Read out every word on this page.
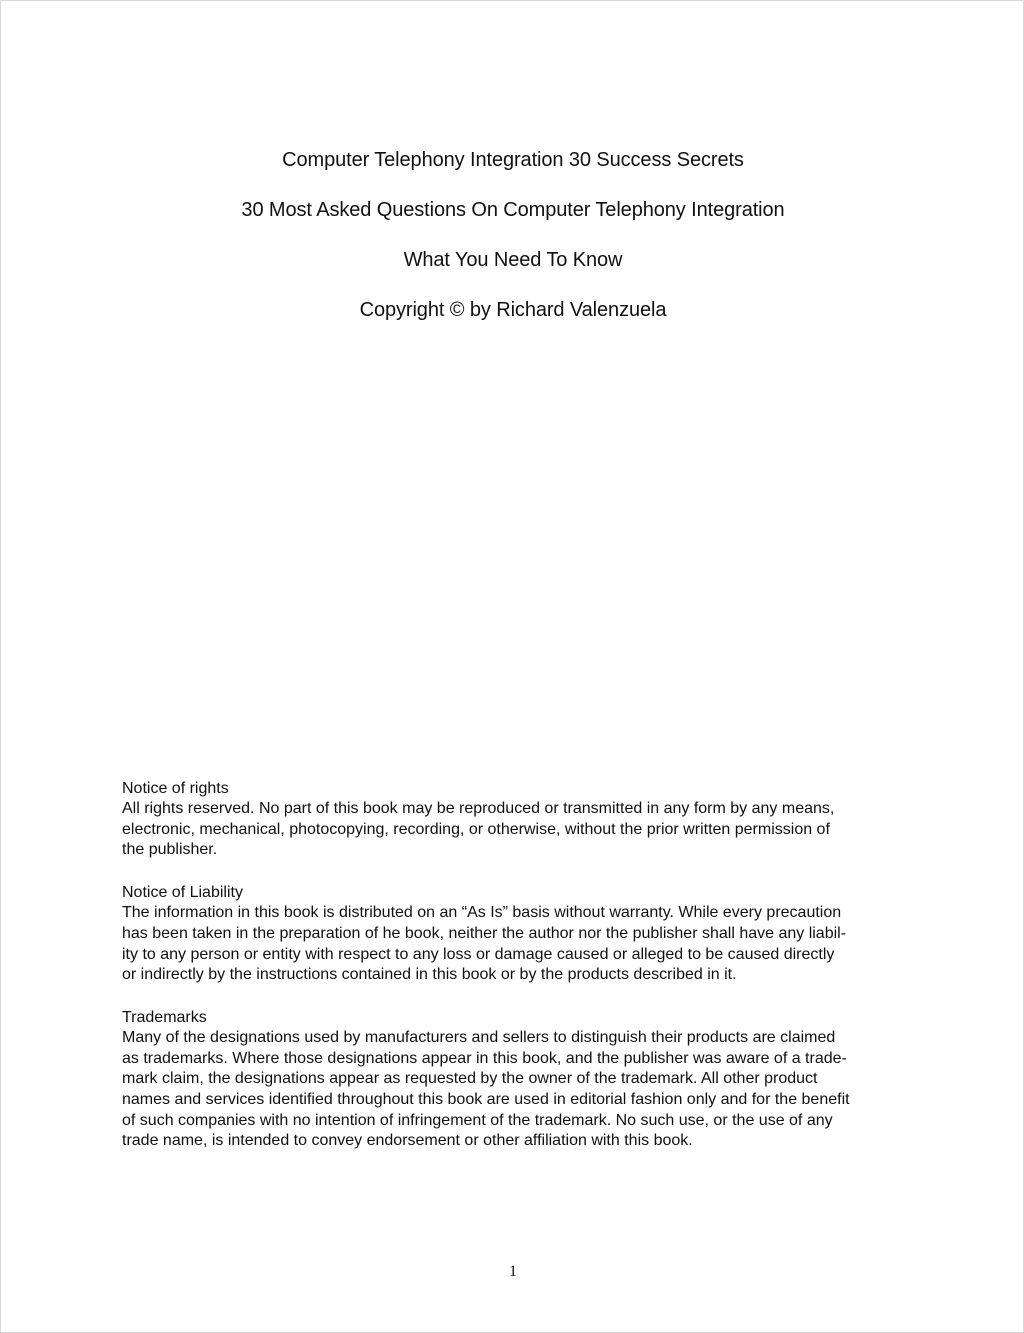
Computer Telephony Integration 30 Success Secrets

30 Most Asked Questions On Computer Telephony Integration

What You Need To Know

Copyright © by Richard Valenzuela

Notice of rights

All rights reserved. No part of this book may be reproduced or transmitted in any form by any means,

electronic, mechanical, photocopying, recording, or otherwise, without the prior written permission of

the publisher.

Notice of Liability

The information in this book is distributed on an “As Is” basis without warranty. While every precaution

has been taken in the preparation of he book, neither the author nor the publisher shall have any liabil-

ity to any person or entity with respect to any loss or damage caused or alleged to be caused directly

or indirectly by the instructions contained in this book or by the products described in it.

Trademarks

Many of the designations used by manufacturers and sellers to distinguish their products are claimed

as trademarks. Where those designations appear in this book, and the publisher was aware of a trade-

mark claim, the designations appear as requested by the owner of the trademark. All other product

names and services identified throughout this book are used in editorial fashion only and for the benefit

of such companies with no intention of infringement of the trademark. No such use, or the use of any

trade name, is intended to convey endorsement or other affiliation with this book.

1
